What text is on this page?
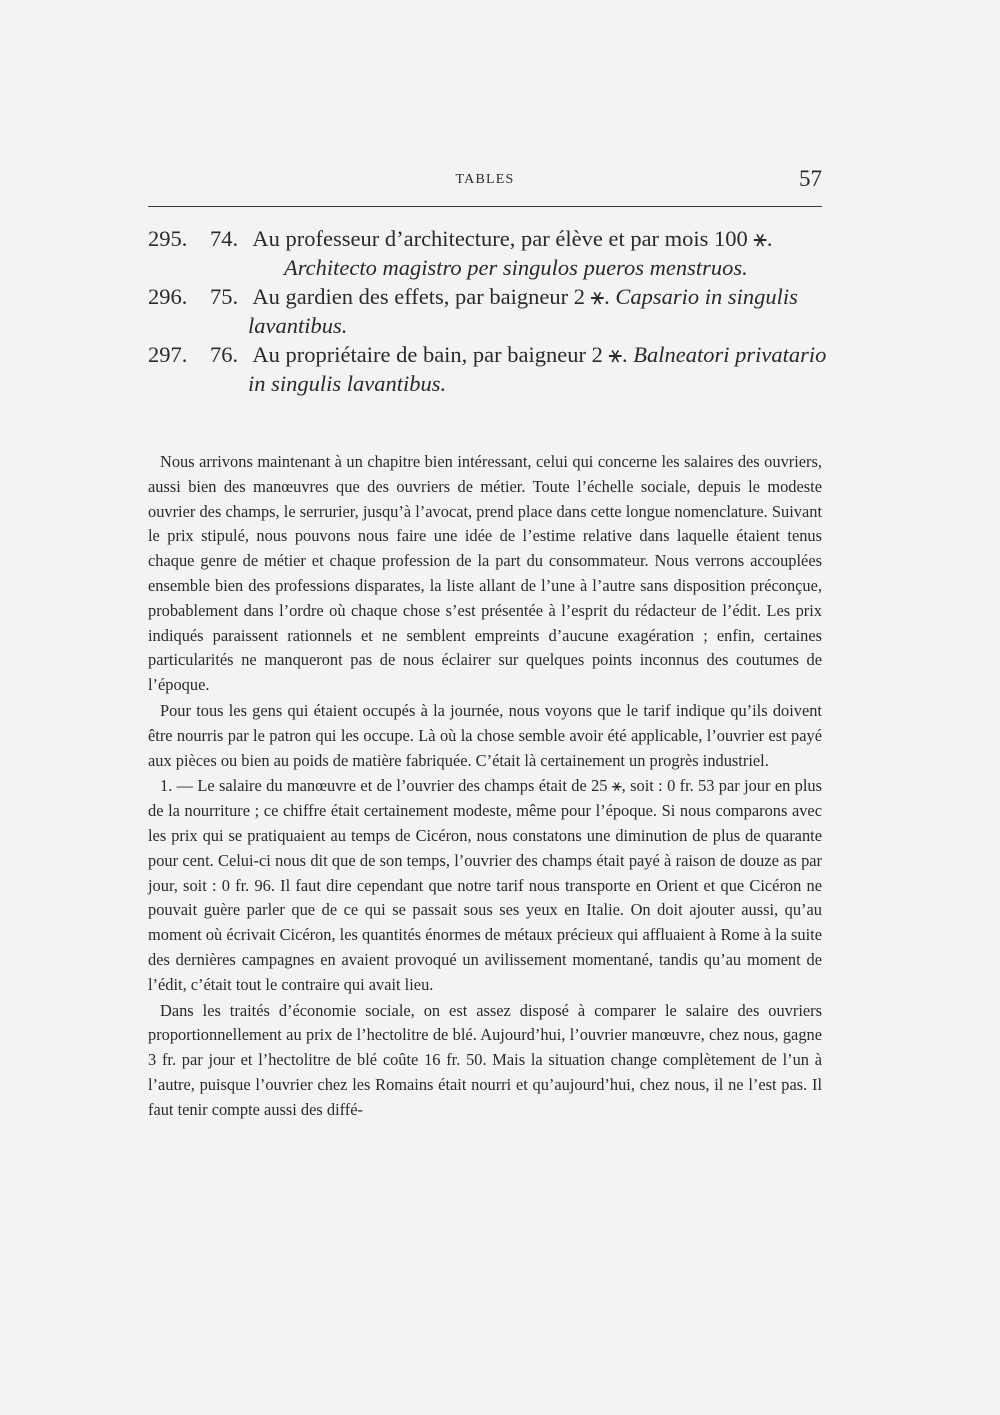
TABLES	57
295. 74. Au professeur d’architecture, par élève et par mois 100 ⚹.
Architecto magistro per singulos pueros menstruos.
296. 75. Au gardien des effets, par baigneur 2 ⚹. Capsario in singulis
lavantibus.
297. 76. Au propriétaire de bain, par baigneur 2 ⚹. Balneatori privatario
in singulis lavantibus.

Nous arrivons maintenant à un chapitre bien intéressant, celui qui concerne les salaires des ouvriers, aussi bien des manœuvres que des ouvriers de métier. Toute l’échelle sociale, depuis le modeste ouvrier des champs, le serrurier, jusqu’à l’avocat, prend place dans cette longue nomenclature. Suivant le prix stipulé, nous pouvons nous faire une idée de l’estime relative dans laquelle étaient tenus chaque genre de métier et chaque profession de la part du consommateur. Nous verrons accouplées ensemble bien des professions disparates, la liste allant de l’une à l’autre sans disposition préconçue, probablement dans l’ordre où chaque chose s’est présentée à l’esprit du rédacteur de l’édit. Les prix indiqués paraissent rationnels et ne semblent empreints d’aucune exagération ; enfin, certaines particularités ne manqueront pas de nous éclairer sur quelques points inconnus des coutumes de l’époque.

Pour tous les gens qui étaient occupés à la journée, nous voyons que le tarif indique qu’ils doivent être nourris par le patron qui les occupe. Là où la chose semble avoir été applicable, l’ouvrier est payé aux pièces ou bien au poids de matière fabriquée. C’était là certainement un progrès industriel.

1. — Le salaire du manœuvre et de l’ouvrier des champs était de 25 ⚹, soit : 0 fr. 53 par jour en plus de la nourriture ; ce chiffre était certainement modeste, même pour l’époque. Si nous comparons avec les prix qui se pratiquaient au temps de Cicéron, nous constatons une diminution de plus de quarante pour cent. Celui-ci nous dit que de son temps, l’ouvrier des champs était payé à raison de douze as par jour, soit : 0 fr. 96. Il faut dire cependant que notre tarif nous transporte en Orient et que Cicéron ne pouvait guère parler que de ce qui se passait sous ses yeux en Italie. On doit ajouter aussi, qu’au moment où écrivait Cicéron, les quantités énormes de métaux précieux qui affluaient à Rome à la suite des dernières campagnes en avaient provoqué un avilissement momentané, tandis qu’au moment de l’édit, c’était tout le contraire qui avait lieu.

Dans les traités d’économie sociale, on est assez disposé à comparer le salaire des ouvriers proportionnellement au prix de l’hectolitre de blé. Aujourd’hui, l’ouvrier manœuvre, chez nous, gagne 3 fr. par jour et l’hectolitre de blé coûte 16 fr. 50. Mais la situation change complètement de l’un à l’autre, puisque l’ouvrier chez les Romains était nourri et qu’aujourd’hui, chez nous, il ne l’est pas. Il faut tenir compte aussi des diffé-
